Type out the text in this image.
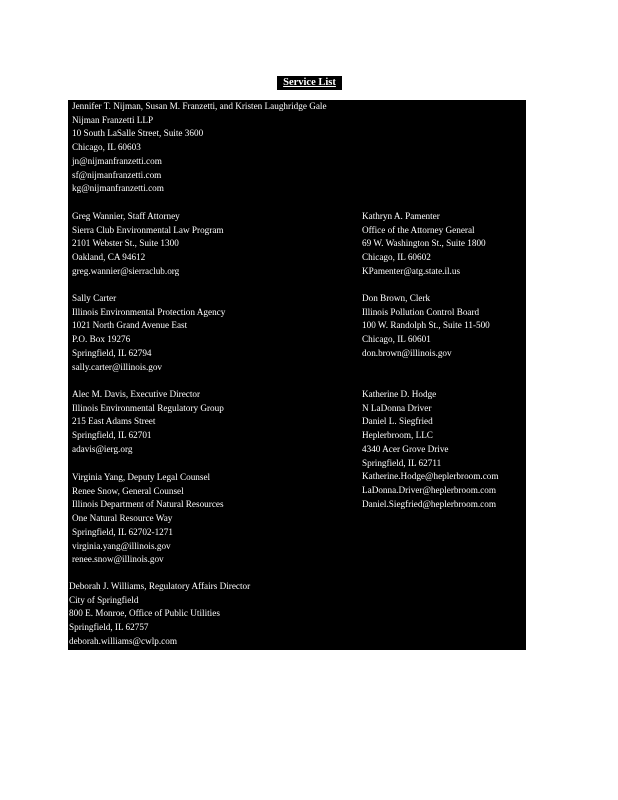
Service List
Jennifer T. Nijman, Susan M. Franzetti, and Kristen Laughridge Gale
Nijman Franzetti LLP
10 South LaSalle Street, Suite 3600
Chicago, IL 60603
jn@nijmanfranzetti.com
sf@nijmanfranzetti.com
kg@nijmanfranzetti.com
Greg Wannier, Staff Attorney
Sierra Club Environmental Law Program
2101 Webster St., Suite 1300
Oakland, CA 94612
greg.wannier@sierraclub.org
Kathryn A. Pamenter
Office of the Attorney General
69 W. Washington St., Suite 1800
Chicago, IL 60602
KPamenter@atg.state.il.us
Sally Carter
Illinois Environmental Protection Agency
1021 North Grand Avenue East
P.O. Box 19276
Springfield, IL 62794
sally.carter@illinois.gov
Don Brown, Clerk
Illinois Pollution Control Board
100 W. Randolph St., Suite 11-500
Chicago, IL 60601
don.brown@illinois.gov
Alec M. Davis, Executive Director
Illinois Environmental Regulatory Group
215 East Adams Street
Springfield, IL 62701
adavis@ierg.org
Katherine D. Hodge
N LaDonna Driver
Daniel L. Siegfried
Heplerbroom, LLC
4340 Acer Grove Drive
Springfield, IL 62711
Katherine.Hodge@heplerbroom.com
LaDonna.Driver@heplerbroom.com
Daniel.Siegfried@heplerbroom.com
Virginia Yang, Deputy Legal Counsel
Renee Snow, General Counsel
Illinois Department of Natural Resources
One Natural Resource Way
Springfield, IL 62702-1271
virginia.yang@illinois.gov
renee.snow@illinois.gov
Deborah J. Williams, Regulatory Affairs Director
City of Springfield
800 E. Monroe, Office of Public Utilities
Springfield, IL 62757
deborah.williams@cwlp.com
